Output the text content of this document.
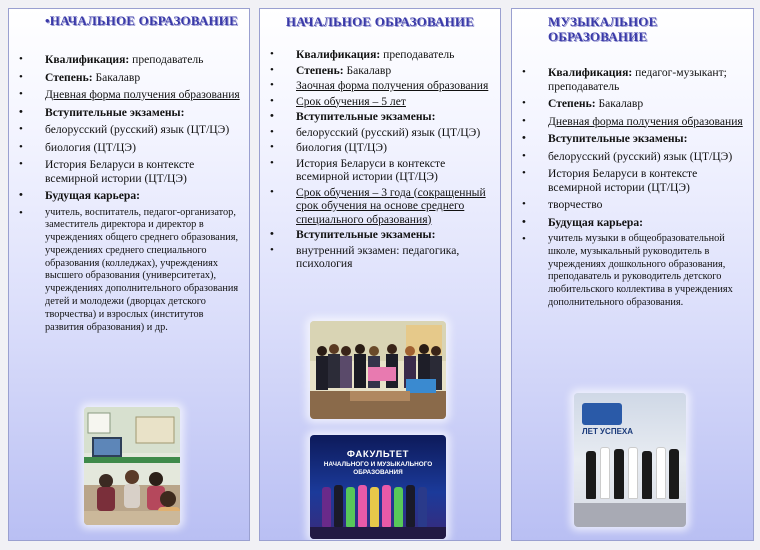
•НАЧАЛЬНОЕ ОБРАЗОВАНИЕ
• Квалификация: преподаватель
• Степень: Бакалавр
• Дневная форма получения образования
• Вступительные экзамены:
• белорусский (русский) язык (ЦТ/ЦЭ)
• биология (ЦТ/ЦЭ)
• История Беларуси в контексте всемирной истории (ЦТ/ЦЭ)
• Будущая карьера:
• учитель, воспитатель, педагог-организатор, заместитель директора и директор в учреждениях общего среднего образования, учреждениях среднего специального образования (колледжах), учреждениях высшего образования (университетах), учреждениях дополнительного образования детей и молодежи (дворцах детского творчества) и взрослых (институтов развития образования) и др.
НАЧАЛЬНОЕ ОБРАЗОВАНИЕ
• Квалификация: преподаватель
• Степень: Бакалавр
• Заочная форма получения образования
• Срок обучения – 5 лет
• Вступительные экзамены:
• белорусский (русский) язык (ЦТ/ЦЭ)
• биология (ЦТ/ЦЭ)
• История Беларуси в контексте всемирной истории (ЦТ/ЦЭ)
• Срок обучения – 3 года (сокращенный срок обучения на основе среднего специального образования)
• Вступительные экзамены:
• внутренний экзамен: педагогика, психология
ФАКУЛЬТЕТ
НАЧАЛЬНОГО И МУЗЫКАЛЬНОГО
ОБРАЗОВАНИЯ
МУЗЫКАЛЬНОЕ ОБРАЗОВАНИЕ
• Квалификация: педагог-музыкант; преподаватель
• Степень: Бакалавр
• Дневная форма получения образования
• Вступительные экзамены:
• белорусский (русский) язык (ЦТ/ЦЭ)
• История Беларуси в контексте всемирной истории (ЦТ/ЦЭ)
• творчество
• Будущая карьера:
• учитель музыки в общеобразовательной школе, музыкальный руководитель в учреждениях дошкольного образования, преподаватель и руководитель детского любительского коллектива в учреждениях дополнительного образования.
ЛЕТ УСПЕХА
